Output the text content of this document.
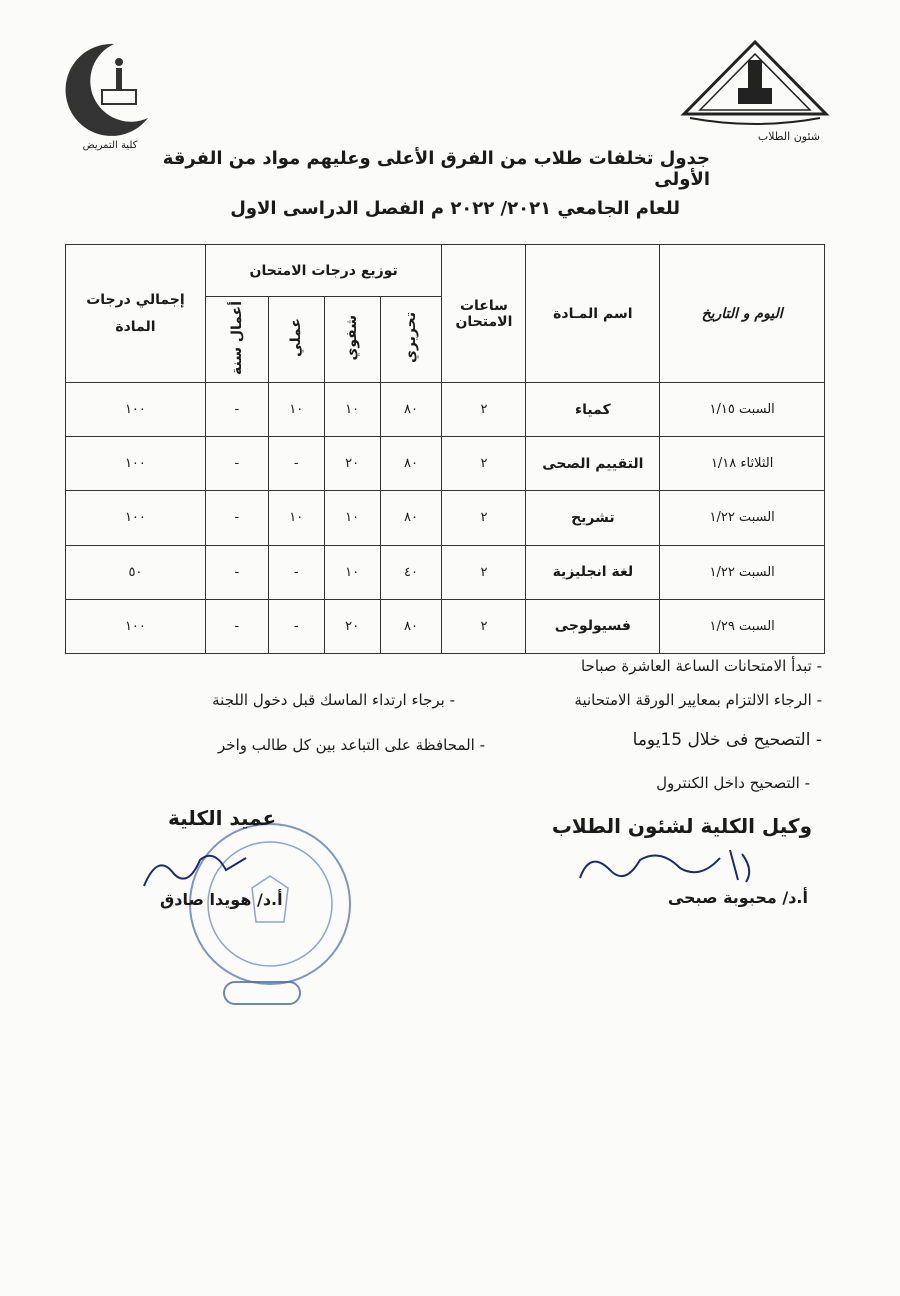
شئون الطلاب
كلية التمريض
جدول تخلفات طلاب من الفرق الأعلى وعليهم مواد من الفرقة الأولى
للعام الجامعي ٢٠٢١/ ٢٠٢٢ م الفصل الدراسى الاول
اليوم و التاريخ	اسم المـادة	ساعات الامتحان	توزيع درجات الامتحان				إجمالي درجات المادة
			تحريري	شفوي	عملي	أعمال سنة	
السبت ١/١٥	كمياء	٢	٨٠	١٠	١٠	-	١٠٠
الثلاثاء ١/١٨	التقييم الصحى	٢	٨٠	٢٠	-	-	١٠٠
السبت ١/٢٢	تشريح	٢	٨٠	١٠	١٠	-	١٠٠
السبت ١/٢٢	لغة انجليزية	٢	٤٠	١٠	-	-	٥٠
السبت ١/٢٩	فسيولوجى	٢	٨٠	٢٠	-	-	١٠٠
- تبدأ الامتحانات الساعة العاشرة صباحا
- الرجاء الالتزام بمعايير الورقة الامتحانية
- برجاء ارتداء الماسك قبل دخول اللجنة
- التصحيح فى خلال 15يوما
- المحافظة على التباعد بين كل طالب واخر
- التصحيح داخل الكنترول
وكيل الكلية لشئون الطلاب
أ.د/ محبوبة صبحى
عميد الكلية
أ.د/ هويدا صادق
